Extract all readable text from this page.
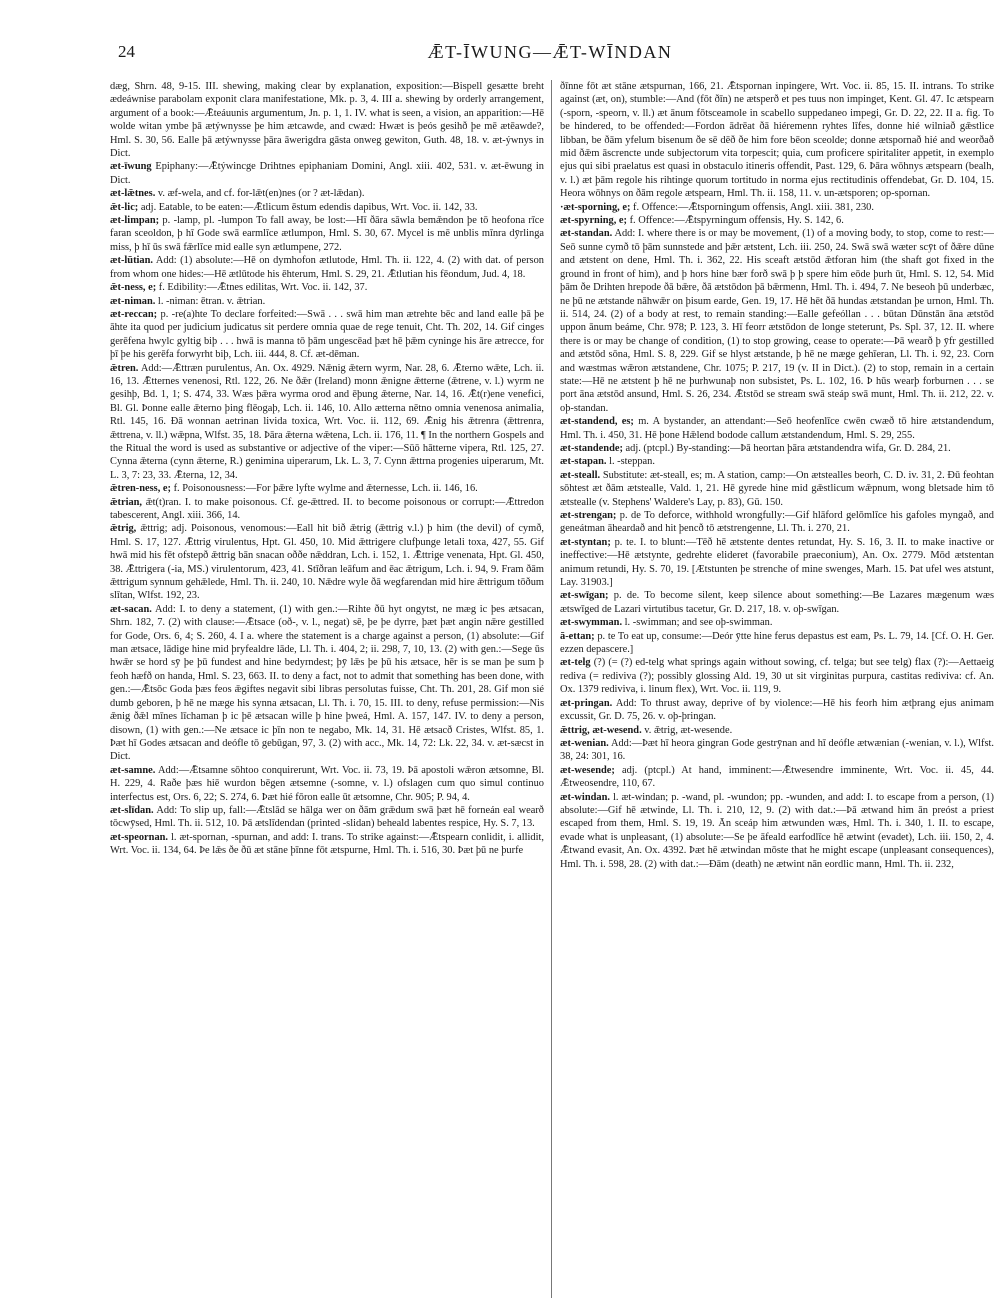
24	ǢT-ĪWUNG—ǢT-WĪNDAN

dæg, Shrn. 48, 9-15. III. shewing, making clear by explanation, exposition:—Bispell gesætte breht ædeáwnise parabolam exponit clara manifestatione, Mk. p. 3, 4. III a. shewing by orderly arrangement, argument of a book:—Ǣteáuunis argumentum, Jn. p. 1, 1. IV. what is seen, a vision, an apparition:—Hē wolde witan ymbe þā ætýwnysse þe him ætcawde, and cwæd: Hwæt is þeós gesihð þe mē ætēawde?, Hml. S. 30, 56. Ealle þā ætýwnysse þāra āwerigdra gāsta onweg gewiton, Guth. 48, 18. v. æt-ýwnys in Dict.

æt-īwung Epiphany:—Ǣtýwincge Drihtnes epiphaniam Domini, Angl. xiii. 402, 531. v. æt-ēwung in Dict.

æt-lǣtnes. v. æf-wela, and cf. for-lǣt(en)nes (or ? æt-lǣdan).

ǣt-lic; adj. Eatable, to be eaten:—Ǣtlicum ēstum edendis dapibus, Wrt. Voc. ii. 142, 33.

æt-limpan; p. -lamp, pl. -lumpon To fall away, be lost:—Hī ðāra sāwla bemǣndon þe tō heofona rīce faran sceoldon, þ hī Gode swā earmlīce ætlumpon, Hml. S. 30, 67. Mycel is mē unblis mīnra dȳrlinga miss, þ hī ūs swā fǣrlīce mid ealle syn ætlumpene, 272.

æt-lūtian. Add: (1) absolute:—Hē on dymhofon ætlutode, Hml. Th. ii. 122, 4. (2) with dat. of person from whom one hides:—Hē ætlūtode his ēhterum, Hml. S. 29, 21. Ǣtlutian his fēondum, Jud. 4, 18.

ǣt-ness, e; f. Edibility:—Ǣtnes edilitas, Wrt. Voc. ii. 142, 37.

æt-niman. l. -niman: ētran. v. ǣtrian.

æt-reccan; p. -re(a)hte To declare forfeited:—Swā . . . swā him man ætrehte bēc and land ealle þā þe āhte ita quod per judicium judicatus sit perdere omnia quae de rege tenuit, Cht. Th. 202, 14. Gif cinges gerēfena hwylc gyltig biþ . . . hwā is manna tō þām ungescēad þæt hē þǣm cyninge his āre ætrecce, for þī þe his gerēfa forwyrht biþ, Lch. iii. 444, 8. Cf. æt-dēman.

ǣtren. Add:—Ǣttræn purulentus, An. Ox. 4929. Nǣnig ǣtern wyrm, Nar. 28, 6. Ǣterno wǣte, Lch. ii. 16, 13. Ǣtternes venenosi, Rtl. 122, 26. Ne ðǣr (Ireland) monn ǣnigne ǣtterne (ǣtrene, v. l.) wyrm ne gesihþ, Bd. 1, 1; S. 474, 33. Wæs þǣra wyrma orod and ēþung ǣterne, Nar. 14, 16. Ǣt(r)ene venefici, Bl. Gl. Þonne ealle ǣterno þing flēogaþ, Lch. ii. 146, 10. Allo ætterna nētno omnia venenosa animalia, Rtl. 145, 16. Ðā wonnan aetrinan livida toxica, Wrt. Voc. ii. 112, 69. Ǣnig his ǣtrenra (ǣttrenra, ǣttrena, v. ll.) wǣpna, Wlfst. 35, 18. Þāra ǣterna wǣtena, Lch. ii. 176, 11. ¶ In the northern Gospels and the Ritual the word is used as substantive or adjective of the viper:—Sūō hātterne vipera, Rtl. 125, 27. Cynna ǣterna (cynn ǣterne, R.) genimina uiperarum, Lk. L. 3, 7. Cynn ǣttrna progenies uiperarum, Mt. L. 3, 7: 23, 33. Ǣterna, 12, 34.

ǣtren-ness, e; f. Poisonousness:—For þǣre lyfte wylme and ǣternesse, Lch. ii. 146, 16.

ǣtrian, ǣt(t)ran. I. to make poisonous. Cf. ge-ǣttred. II. to become poisonous or corrupt:—Ǣttredon tabescerent, Angl. xiii. 366, 14.

ǣtrig, ǣttrig; adj. Poisonous, venomous:—Eall hit bið ǣtrig (ǣttrig v.l.) þ him (the devil) of cymð, Hml. S. 17, 127. Ǣttrig virulentus, Hpt. Gl. 450, 10. Mid ǣttrigere clufþunge letali toxa, 427, 55. Gif hwā mid his fēt ofstepð ǣttrig bān snacan oððe nǣddran, Lch. i. 152, 1. Ǣttrige venenata, Hpt. Gl. 450, 38. Ǣttrigera (-ia, MS.) virulentorum, 423, 41. Stīðran leāfum and ēac ǣtrigum, Lch. i. 94, 9. Fram ðām ǣttrigum synnum gehǣlede, Hml. Th. ii. 240, 10. Nǣdre wyle ðā wegfarendan mid hire ǣttrigum tōðum slītan, Wlfst. 192, 23.

æt-sacan. Add: I. to deny a statement, (1) with gen.:—Rihte ðū hyt ongytst, ne mæg ic þes ætsacan, Shrn. 182, 7. (2) with clause:—Ǣtsace (oð-, v. l., negat) sē, þe þe dyrre, þæt þæt angin nǣre gestilled for Gode, Ors. 6, 4; S. 260, 4. I a. where the statement is a charge against a person, (1) absolute:—Gif man ætsace, lādige hine mid þryfealdre lāde, Ll. Th. i. 404, 2; ii. 298, 7, 10, 13. (2) with gen.:—Sege ūs hwǣr se hord sȳ þe þū fundest and hine bedyrndest; þȳ lǣs þe þū his ætsace, hēr is se man þe sum þ feoh hæfð on handa, Hml. S. 23, 663. II. to deny a fact, not to admit that something has been done, with gen.:—Ǣtsōc Goda þæs feos ǣgiftes negavit sibi libras persolutas fuisse, Cht. Th. 201, 28. Gif mon sié dumb geboren, þ hē ne mæge his synna ætsacan, Ll. Th. i. 70, 15. III. to deny, refuse permission:—Nis ǣnig ðǣl mīnes līchaman þ ic þē ætsacan wille þ hine þweá, Hml. A. 157, 147. IV. to deny a person, disown, (1) with gen.:—Ne ætsace ic þīn non te negabo, Mk. 14, 31. Hē ætsacð Cristes, Wlfst. 85, 1. Þæt hī Godes ætsacan and deófle tō gebūgan, 97, 3. (2) with acc., Mk. 14, 72: Lk. 22, 34. v. æt-sæcst in Dict.

æt-samne. Add:—Ǣtsamne sōhtoo conquirerunt, Wrt. Voc. ii. 73, 19. Þā apostoli wǣron ætsomne, Bl. H. 229, 4. Raðe þæs hiē wurdon bēgen ætsemne (-somne, v. l.) ofslagen cum quo simul continuo interfectus est, Ors. 6, 22; S. 274, 6. Þæt hié fōron ealle ūt ætsomne, Chr. 905; P. 94, 4.

æt-slīdan. Add: To slip up, fall:—Ǣtslād se hālga wer on ðām grǣdum swā þæt hē forneán eal wearð tōcwȳsed, Hml. Th. ii. 512, 10. Þā ætslīdendan (printed -slidan) beheald labentes respice, Hy. S. 7, 13.

æt-speornan. l. æt-spornan, -spurnan, and add: I. trans. To strike against:—Ǣtspearn conlidit, i. allidit, Wrt. Voc. ii. 134, 64. Þe lǣs ðe ðū æt stāne þīnne fōt ætspurne, Hml. Th. i. 516, 30. Þæt þū ne þurfe

ðīnne fōt æt stāne ætspurnan, 166, 21. Ǣtspornan inpingere, Wrt. Voc. ii. 85, 15. II. intrans. To strike against (æt, on), stumble:—And (fōt ðīn) ne ætsperð et pes tuus non impinget, Kent. Gl. 47. Ic ætspearn (-sporn, -speorn, v. ll.) æt ānum fōtsceamole in scabello suppedaneo impegi, Gr. D. 22, 22. II a. fig. To be hindered, to be offended:—Fordon ādrēat ðā hiéremenn ryhtes līfes, donne hié wilniað gǣstlice libban, be ðām yfelum bisenum ðe sē dēð ðe him fore bēon sceolde; donne ætspornað hié and weorðað mid ðǣm āscrencte unde subjectorum vita torpescit; quia, cum proficere spiritaliter appetit, in exemplo ejus qui sibi praelatus est quasi in obstaculo itineris offendit, Past. 129, 6. Þāra wōhnys ætspearn (bealh, v. l.) æt þām regole his rihtinge quorum tortitudo in norma ejus rectitudinis offendebat, Gr. D. 104, 15. Heora wōhnys on ðām regole ætspearn, Hml. Th. ii. 158, 11. v. un-ætsporen; op-spornan.

·æt-sporning, e; f. Offence:—Ǣtsporningum offensis, Angl. xiii. 381, 230.

æt-spyrning, e; f. Offence:—Ǣtspyrningum offensis, Hy. S. 142, 6.

æt-standan. Add: I. where there is or may be movement, (1) of a moving body, to stop, come to rest:—Seō sunne cymð tō þām sunnstede and þǣr ætstent, Lch. iii. 250, 24. Swā swā wæter scȳt of ðǣre dūne and ætstent on dene, Hml. Th. i. 362, 22. His sceaft ætstōd ǣtforan him (the shaft got fixed in the ground in front of him), and þ hors hine bær forð swā þ þ spere him eōde þurh ūt, Hml. S. 12, 54. Mid þām ðe Drihten hrepode ðā bǣre, ðā ætstōdon þā bǣrmenn, Hml. Th. i. 494, 7. Ne beseoh þū underbæc, ne þū ne ætstande nāhwǣr on þisum earde, Gen. 19, 17. Hē hēt ðā hundas ætstandan þe urnon, Hml. Th. ii. 514, 24. (2) of a body at rest, to remain standing:—Ealle gefeóllan . . . būtan Dūnstān āna ætstōd uppon ānum beáme, Chr. 978; P. 123, 3. Hī feorr ætstōdon de longe steterunt, Ps. Spl. 37, 12. II. where there is or may be change of condition, (1) to stop growing, cease to operate:—Þā wearð þ ȳfr gestilled and ætstōd sōna, Hml. S. 8, 229. Gif se hlyst ætstande, þ hē ne mæge gehīeran, Ll. Th. i. 92, 23. Corn and wæstmas wǣron ætstandene, Chr. 1075; P. 217, 19 (v. II in Dict.). (2) to stop, remain in a certain state:—Hē ne ætstent þ hē ne þurhwunaþ non subsistet, Ps. L. 102, 16. Þ hūs wearþ forburnen . . . se port āna ætstōd ansund, Hml. S. 26, 234. Ǣtstōd se stream swā steáp swā munt, Hml. Th. ii. 212, 22. v. oþ-standan.

æt-standend, es; m. A bystander, an attendant:—Seō heofenlīce cwēn cwæð tō hire ætstandendum, Hml. Th. i. 450, 31. Hē þone Hǣlend bodode callum ætstandendum, Hml. S. 29, 255.

æt-standende; adj. (ptcpl.) By-standing:—Þā heortan þāra ætstandendra wifa, Gr. D. 284, 21.

æt-stapan. l. -steppan.

æt-steall. Substitute: æt-steall, es; m. A station, camp:—On ætstealles beorh, C. D. iv. 31, 2. Ðū feohtan sōhtest æt ðām ætstealle, Vald. 1, 21. Hē gyrede hine mid gǣstlicum wǣpnum, wong bletsade him tō ætstealle (v. Stephens' Waldere's Lay, p. 83), Gū. 150.

æt-strengan; p. de To deforce, withhold wrongfully:—Gif hlāford gelōmlīce his gafoles myngað, and geneátman āheardað and hit þencð tō ætstrengenne, Ll. Th. i. 270, 21.

æt-styntan; p. te. I. to blunt:—Tēð hē ætstente dentes retundat, Hy. S. 16, 3. II. to make inactive or ineffective:—Hē ætstynte, gedrehte elideret (favorabile praeconium), An. Ox. 2779. Mōd ætstentan animum retundi, Hy. S. 70, 19. [Ætstunten þe strenche of mine swenges, Marh. 15. Þat ufel wes atstunt, Lay. 31903.]

æt-swīgan; p. de. To become silent, keep silence about something:—Be Lazares mægenum wæs ætswīged de Lazari virtutibus tacetur, Gr. D. 217, 18. v. oþ-swīgan.

æt-swymman. l. -swimman; and see oþ-swimman.

ā-ettan; p. te To eat up, consume:—Deór ȳtte hine ferus depastus est eam, Ps. L. 79, 14. [Cf. O. H. Ger. ezzen depascere.]

æt-telg (?) (= (?) ed-telg what springs again without sowing, cf. telga; but see telg) flax (?):—Aettaeig rediva (= rediviva (?); possibly glossing Ald. 19, 30 ut sit virginitas purpura, castitas rediviva: cf. An. Ox. 1379 rediviva, i. linum flex), Wrt. Voc. ii. 119, 9.

æt-pringan. Add: To thrust away, deprive of by violence:—Hē his feorh him ætþrang ejus animam excussit, Gr. D. 75, 26. v. oþ-þringan.

ǣttrig, æt-wesend. v. ǣtrig, æt-wesende.

æt-wenian. Add:—Þæt hī heora gingran Gode gestrȳnan and hī deófle ætwænian (-wenian, v. l.), Wlfst. 38, 24: 301, 16.

æt-wesende; adj. (ptcpl.) At hand, imminent:—Ǣtwesendre imminente, Wrt. Voc. ii. 45, 44. Ǣtweosendre, 110, 67.

æt-windan. l. æt-windan; p. -wand, pl. -wundon; pp. -wunden, and add: I. to escape from a person, (1) absolute:—Gif hē ætwinde, Ll. Th. i. 210, 12, 9. (2) with dat.:—Þā ætwand him ān preóst a priest escaped from them, Hml. S. 19, 19. Ān sceáp him ætwunden wæs, Hml. Th. i. 340, 1. II. to escape, evade what is unpleasant, (1) absolute:—Se þe āfeald earfodlīce hē ætwint (evadet), Lch. iii. 150, 2, 4. Ǣtwand evasit, An. Ox. 4392. Þæt hē ætwindan mōste that he might escape (unpleasant consequences), Hml. Th. i. 598, 28. (2) with dat.:—Ðām (death) ne ætwint nān eordlic mann, Hml. Th. ii. 232,
